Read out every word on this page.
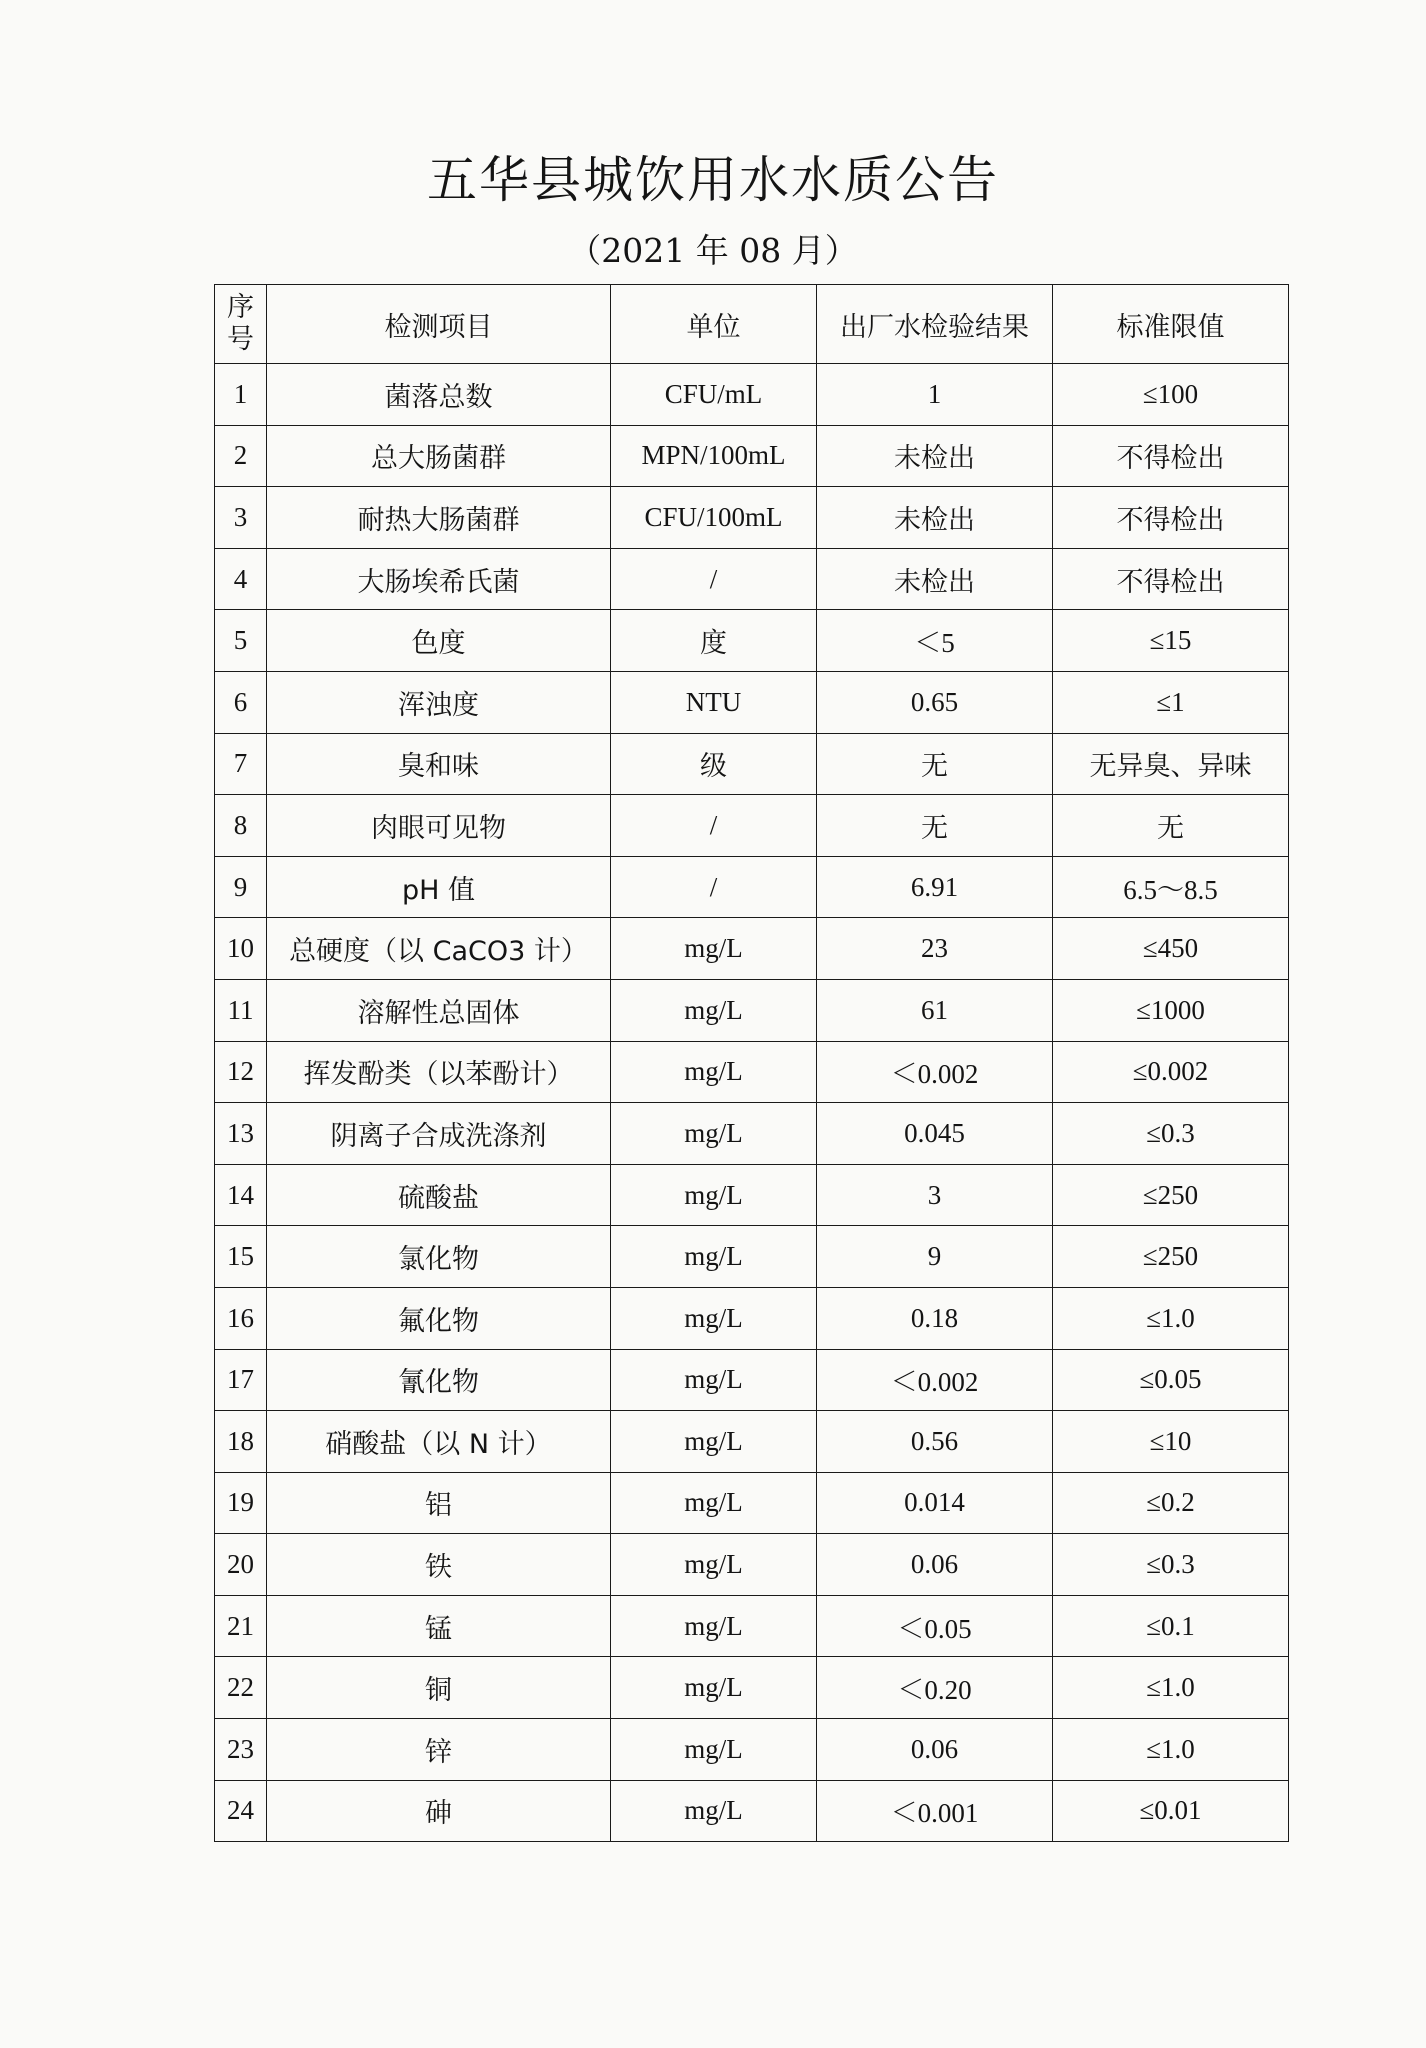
五华县城饮用水水质公告
（2021 年 08 月）
序号	检测项目	单位	出厂水检验结果	标准限值
1	菌落总数	CFU/mL	1	≤100
2	总大肠菌群	MPN/100mL	未检出	不得检出
3	耐热大肠菌群	CFU/100mL	未检出	不得检出
4	大肠埃希氏菌	/	未检出	不得检出
5	色度	度	＜5	≤15
6	浑浊度	NTU	0.65	≤1
7	臭和味	级	无	无异臭、异味
8	肉眼可见物	/	无	无
9	pH 值	/	6.91	6.5～8.5
10	总硬度（以 CaCO3 计）	mg/L	23	≤450
11	溶解性总固体	mg/L	61	≤1000
12	挥发酚类（以苯酚计）	mg/L	＜0.002	≤0.002
13	阴离子合成洗涤剂	mg/L	0.045	≤0.3
14	硫酸盐	mg/L	3	≤250
15	氯化物	mg/L	9	≤250
16	氟化物	mg/L	0.18	≤1.0
17	氰化物	mg/L	＜0.002	≤0.05
18	硝酸盐（以 N 计）	mg/L	0.56	≤10
19	铝	mg/L	0.014	≤0.2
20	铁	mg/L	0.06	≤0.3
21	锰	mg/L	＜0.05	≤0.1
22	铜	mg/L	＜0.20	≤1.0
23	锌	mg/L	0.06	≤1.0
24	砷	mg/L	＜0.001	≤0.01
